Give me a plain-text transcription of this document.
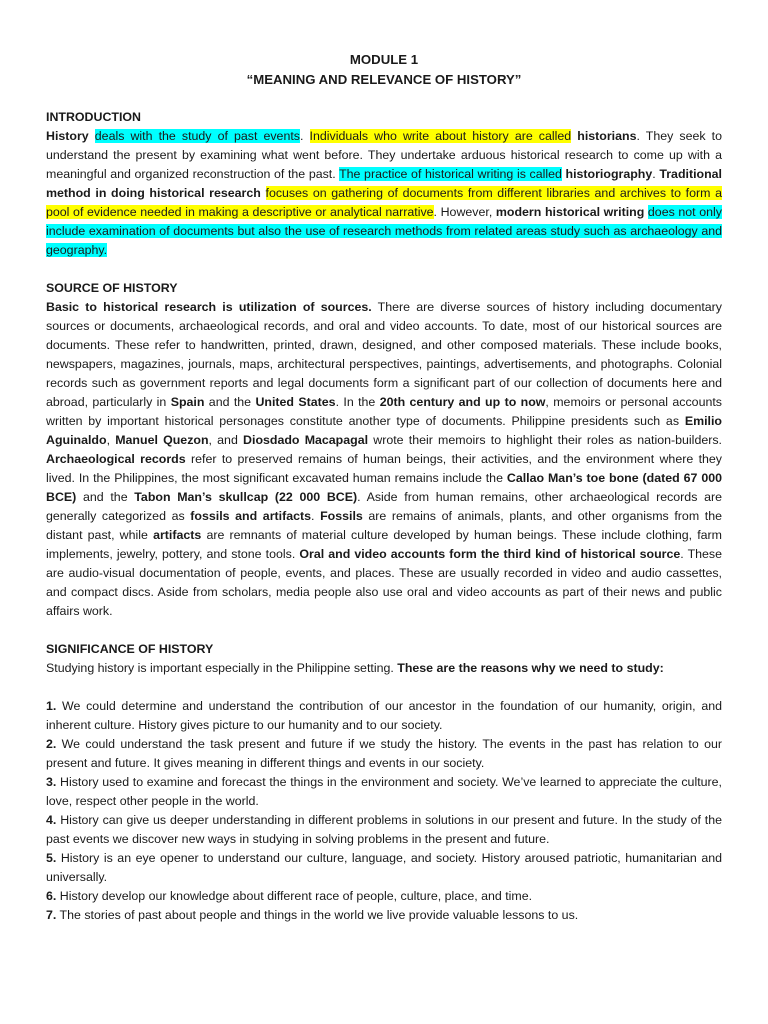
MODULE 1
“MEANING AND RELEVANCE OF HISTORY”

INTRODUCTION

History deals with the study of past events. Individuals who write about history are called historians. They seek to understand the present by examining what went before. They undertake arduous historical research to come up with a meaningful and organized reconstruction of the past. The practice of historical writing is called historiography. Traditional method in doing historical research focuses on gathering of documents from different libraries and archives to form a pool of evidence needed in making a descriptive or analytical narrative. However, modern historical writing does not only include examination of documents but also the use of research methods from related areas study such as archaeology and geography.

SOURCE OF HISTORY

Basic to historical research is utilization of sources. There are diverse sources of history including documentary sources or documents, archaeological records, and oral and video accounts. To date, most of our historical sources are documents. These refer to handwritten, printed, drawn, designed, and other composed materials. These include books, newspapers, magazines, journals, maps, architectural perspectives, paintings, advertisements, and photographs. Colonial records such as government reports and legal documents form a significant part of our collection of documents here and abroad, particularly in Spain and the United States. In the 20th century and up to now, memoirs or personal accounts written by important historical personages constitute another type of documents. Philippine presidents such as Emilio Aguinaldo, Manuel Quezon, and Diosdado Macapagal wrote their memoirs to highlight their roles as nation-builders. Archaeological records refer to preserved remains of human beings, their activities, and the environment where they lived. In the Philippines, the most significant excavated human remains include the Callao Man’s toe bone (dated 67 000 BCE) and the Tabon Man’s skullcap (22 000 BCE). Aside from human remains, other archaeological records are generally categorized as fossils and artifacts. Fossils are remains of animals, plants, and other organisms from the distant past, while artifacts are remnants of material culture developed by human beings. These include clothing, farm implements, jewelry, pottery, and stone tools. Oral and video accounts form the third kind of historical source. These are audio-visual documentation of people, events, and places. These are usually recorded in video and audio cassettes, and compact discs. Aside from scholars, media people also use oral and video accounts as part of their news and public affairs work.

SIGNIFICANCE OF HISTORY

Studying history is important especially in the Philippine setting. These are the reasons why we need to study:

1. We could determine and understand the contribution of our ancestor in the foundation of our humanity, origin, and inherent culture. History gives picture to our humanity and to our society.

2. We could understand the task present and future if we study the history. The events in the past has relation to our present and future. It gives meaning in different things and events in our society.

3. History used to examine and forecast the things in the environment and society. We’ve learned to appreciate the culture, love, respect other people in the world.

4. History can give us deeper understanding in different problems in solutions in our present and future. In the study of the past events we discover new ways in studying in solving problems in the present and future.

5. History is an eye opener to understand our culture, language, and society. History aroused patriotic, humanitarian and universally.

6. History develop our knowledge about different race of people, culture, place, and time.

7. The stories of past about people and things in the world we live provide valuable lessons to us.
